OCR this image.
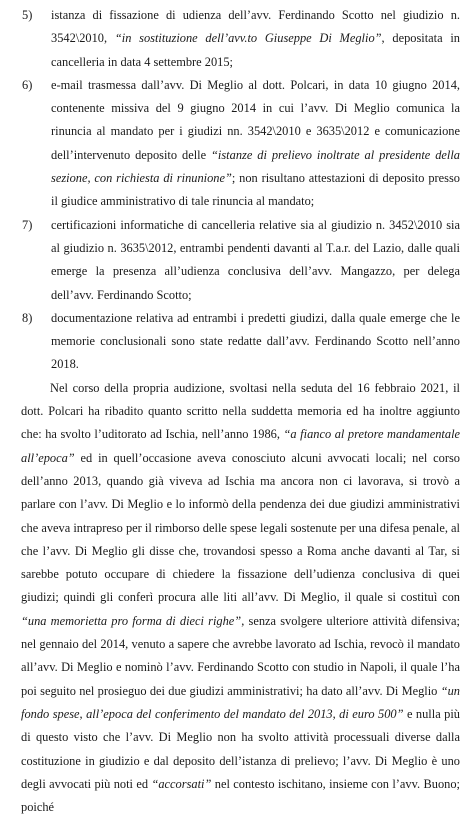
5)	istanza di fissazione di udienza dell’avv. Ferdinando Scotto nel giudizio n. 3542\2010, “in sostituzione dell’avv.to Giuseppe Di Meglio”, depositata in cancelleria in data 4 settembre 2015;
6)	e-mail trasmessa dall’avv. Di Meglio al dott. Polcari, in data 10 giugno 2014, contenente missiva del 9 giugno 2014 in cui l’avv. Di Meglio comunica la rinuncia al mandato per i giudizi nn. 3542\2010 e 3635\2012 e comunicazione dell’intervenuto deposito delle “istanze di prelievo inoltrate al presidente della sezione, con richiesta di rinunione”; non risultano attestazioni di deposito presso il giudice amministrativo di tale rinuncia al mandato;
7)	certificazioni informatiche di cancelleria relative sia al giudizio n. 3452\2010 sia al giudizio n. 3635\2012, entrambi pendenti davanti al T.a.r. del Lazio, dalle quali emerge la presenza all’udienza conclusiva dell’avv. Mangazzo, per delega dell’avv. Ferdinando Scotto;
8)	documentazione relativa ad entrambi i predetti giudizi, dalla quale emerge che le memorie conclusionali sono state redatte dall’avv. Ferdinando Scotto nell’anno 2018.
Nel corso della propria audizione, svoltasi nella seduta del 16 febbraio 2021, il dott. Polcari ha ribadito quanto scritto nella suddetta memoria ed ha inoltre aggiunto che: ha svolto l’uditorato ad Ischia, nell’anno 1986, “a fianco al pretore mandamentale all’epoca” ed in quell’occasione aveva conosciuto alcuni avvocati locali; nel corso dell’anno 2013, quando già viveva ad Ischia ma ancora non ci lavorava, si trovò a parlare con l’avv. Di Meglio e lo informò della pendenza dei due giudizi amministrativi che aveva intrapreso per il rimborso delle spese legali sostenute per una difesa penale, al che l’avv. Di Meglio gli disse che, trovandosi spesso a Roma anche davanti al Tar, si sarebbe potuto occupare di chiedere la fissazione dell’udienza conclusiva di quei giudizi; quindi gli conferì procura alle liti all’avv. Di Meglio, il quale si costituì con “una memorietta pro forma di dieci righe”, senza svolgere ulteriore attività difensiva; nel gennaio del 2014, venuto a sapere che avrebbe lavorato ad Ischia, revocò il mandato all’avv. Di Meglio e nominò l’avv. Ferdinando Scotto con studio in Napoli, il quale l’ha poi seguito nel prosieguo dei due giudizi amministrativi; ha dato all’avv. Di Meglio “un fondo spese, all’epoca del conferimento del mandato del 2013, di euro 500” e nulla più di questo visto che l’avv. Di Meglio non ha svolto attività processuali diverse dalla costituzione in giudizio e dal deposito dell’istanza di prelievo; l’avv. Di Meglio è uno degli avvocati più noti ed “accorsati” nel contesto ischitano, insieme con l’avv. Buono; poiché
